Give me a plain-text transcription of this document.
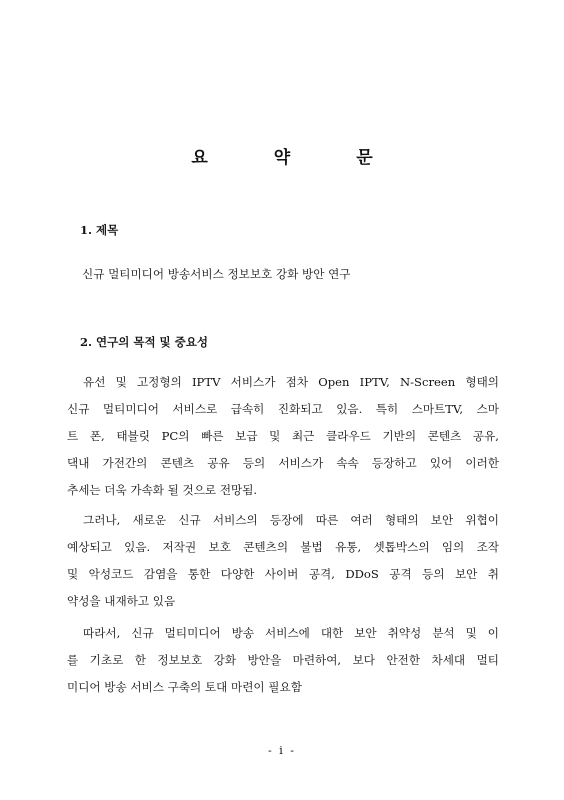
요	약	문
1. 제목
신규 멀티미디어 방송서비스 정보보호 강화 방안 연구
2. 연구의 목적 및 중요성
유선 및 고정형의 IPTV 서비스가 점차 Open IPTV, N-Screen 형태의
신규 멀티미디어 서비스로 급속히 진화되고 있음. 특히 스마트TV, 스마
트 폰, 태블릿 PC의 빠른 보급 및 최근 클라우드 기반의 콘텐츠 공유,
댁내 가전간의 콘텐츠 공유 등의 서비스가 속속 등장하고 있어 이러한
추세는 더욱 가속화 될 것으로 전망됨.
그러나, 새로운 신규 서비스의 등장에 따른 여러 형태의 보안 위협이
예상되고 있음. 저작권 보호 콘텐츠의 불법 유통, 셋톱박스의 임의 조작
및 악성코드 감염을 통한 다양한 사이버 공격, DDoS 공격 등의 보안 취
약성을 내재하고 있음
따라서, 신규 멀티미디어 방송 서비스에 대한 보안 취약성 분석 및 이
를 기초로 한 정보보호 강화 방안을 마련하여, 보다 안전한 차세대 멀티
미디어 방송 서비스 구축의 토대 마련이 필요함
- i -
